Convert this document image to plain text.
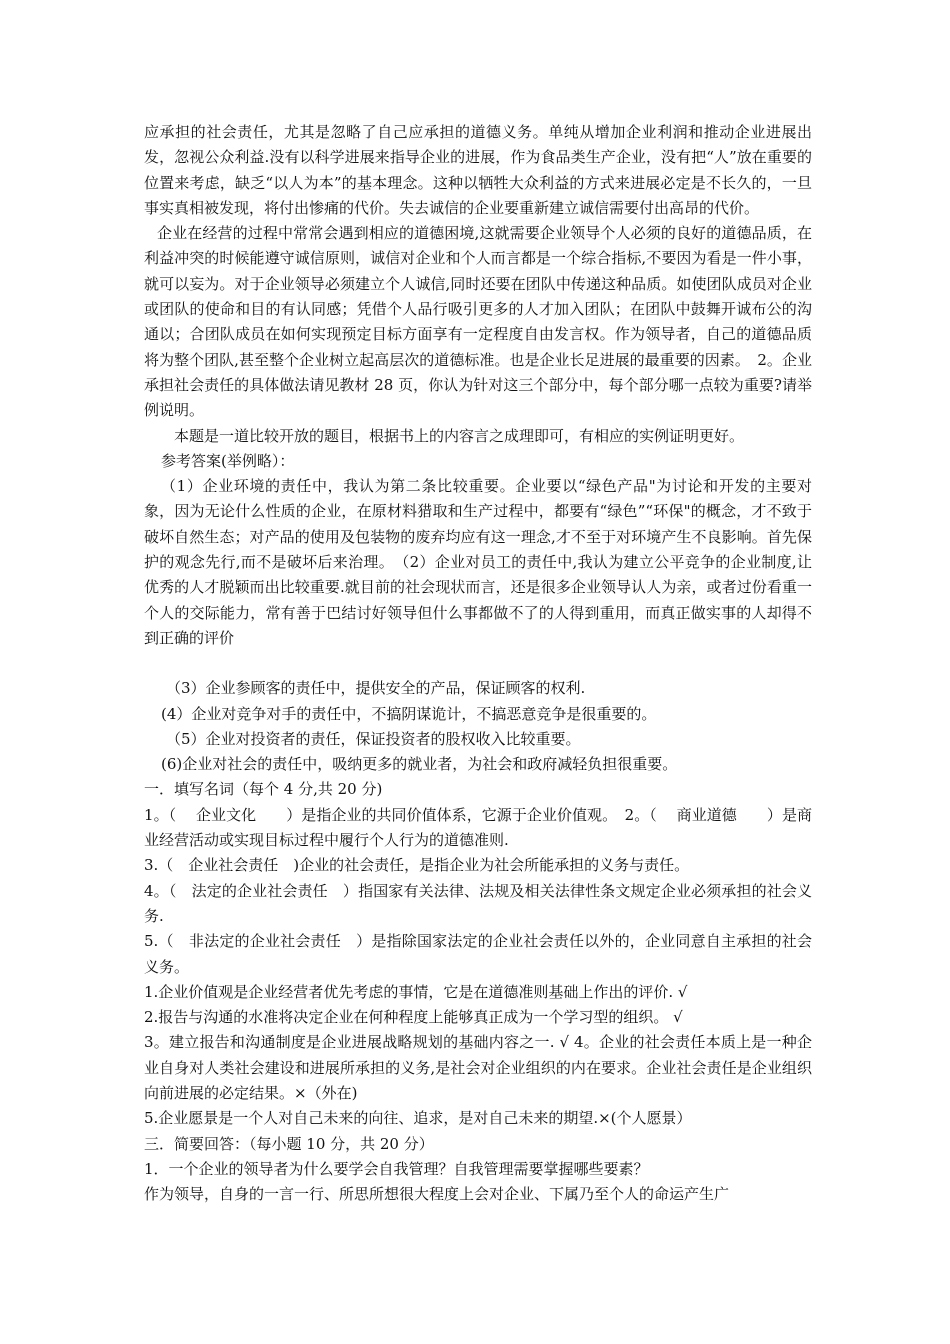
应承担的社会责任，尤其是忽略了自己应承担的道德义务。单纯从增加企业利润和推动企业进展出发，忽视公众利益.没有以科学进展来指导企业的进展，作为食品类生产企业，没有把“人”放在重要的位置来考虑，缺乏“以人为本”的基本理念。这种以牺牲大众利益的方式来进展必定是不长久的，一旦事实真相被发现，将付出惨痛的代价。失去诚信的企业要重新建立诚信需要付出高昂的代价。

企业在经营的过程中常常会遇到相应的道德困境,这就需要企业领导个人必须的良好的道德品质，在利益冲突的时候能遵守诚信原则，诚信对企业和个人而言都是一个综合指标,不要因为看是一件小事，就可以妄为。对于企业领导必须建立个人诚信,同时还要在团队中传递这种品质。如使团队成员对企业或团队的使命和目的有认同感；凭借个人品行吸引更多的人才加入团队；在团队中鼓舞开诚布公的沟通以；合团队成员在如何实现预定目标方面享有一定程度自由发言权。作为领导者，自己的道德品质将为整个团队,甚至整个企业树立起高层次的道德标准。也是企业长足进展的最重要的因素。　2。企业承担社会责任的具体做法请见教材 28 页，你认为针对这三个部分中，每个部分哪一点较为重要?请举例说明。

本题是一道比较开放的题目，根据书上的内容言之成理即可，有相应的实例证明更好。

参考答案(举例略）：

（1）企业环境的责任中，我认为第二条比较重要。企业要以“绿色产品"为讨论和开发的主要对象，因为无论什么性质的企业，在原材料猎取和生产过程中，都要有“绿色”“环保"的概念，才不致于破坏自然生态；对产品的使用及包装物的废弃均应有这一理念,才不至于对环境产生不良影响。首先保护的观念先行,而不是破坏后来治理。　（2）企业对员工的责任中,我认为建立公平竞争的企业制度,让优秀的人才脱颖而出比较重要.就目前的社会现状而言，还是很多企业领导认人为亲，或者过份看重一个人的交际能力，常有善于巴结讨好领导但什么事都做不了的人得到重用，而真正做实事的人却得不到正确的评价

（3）企业参顾客的责任中，提供安全的产品，保证顾客的权利.

(4）企业对竞争对手的责任中，不搞阴谋诡计，不搞恶意竞争是很重要的。

（5）企业对投资者的责任，保证投资者的股权收入比较重要。

(6)企业对社会的责任中，吸纳更多的就业者，为社会和政府减轻负担很重要。

一．填写名词（每个 4 分,共 20 分)

1。（　 企业文化　　）是指企业的共同价值体系，它源于企业价值观。　2。（　 商业道德　　）是商业经营活动或实现目标过程中履行个人行为的道德准则.

3.（　企业社会责任　)企业的社会责任，是指企业为社会所能承担的义务与责任。

4。（　法定的企业社会责任　）指国家有关法律、法规及相关法律性条文规定企业必须承担的社会义务.

5.（　非法定的企业社会责任　）是指除国家法定的企业社会责任以外的，企业同意自主承担的社会义务。

1.企业价值观是企业经营者优先考虑的事情，它是在道德准则基础上作出的评价. √

2.报告与沟通的水准将决定企业在何种程度上能够真正成为一个学习型的组织。 √

3。建立报告和沟通制度是企业进展战略规划的基础内容之一. √ 4。企业的社会责任本质上是一种企业自身对人类社会建设和进展所承担的义务,是社会对企业组织的内在要求。企业社会责任是企业组织向前进展的必定结果。×（外在)

5.企业愿景是一个人对自己未来的向往、追求，是对自己未来的期望.×(个人愿景）

三．简要回答：（每小题 10 分，共 20 分）

1．一个企业的领导者为什么要学会自我管理？自我管理需要掌握哪些要素？

作为领导，自身的一言一行、所思所想很大程度上会对企业、下属乃至个人的命运产生广
